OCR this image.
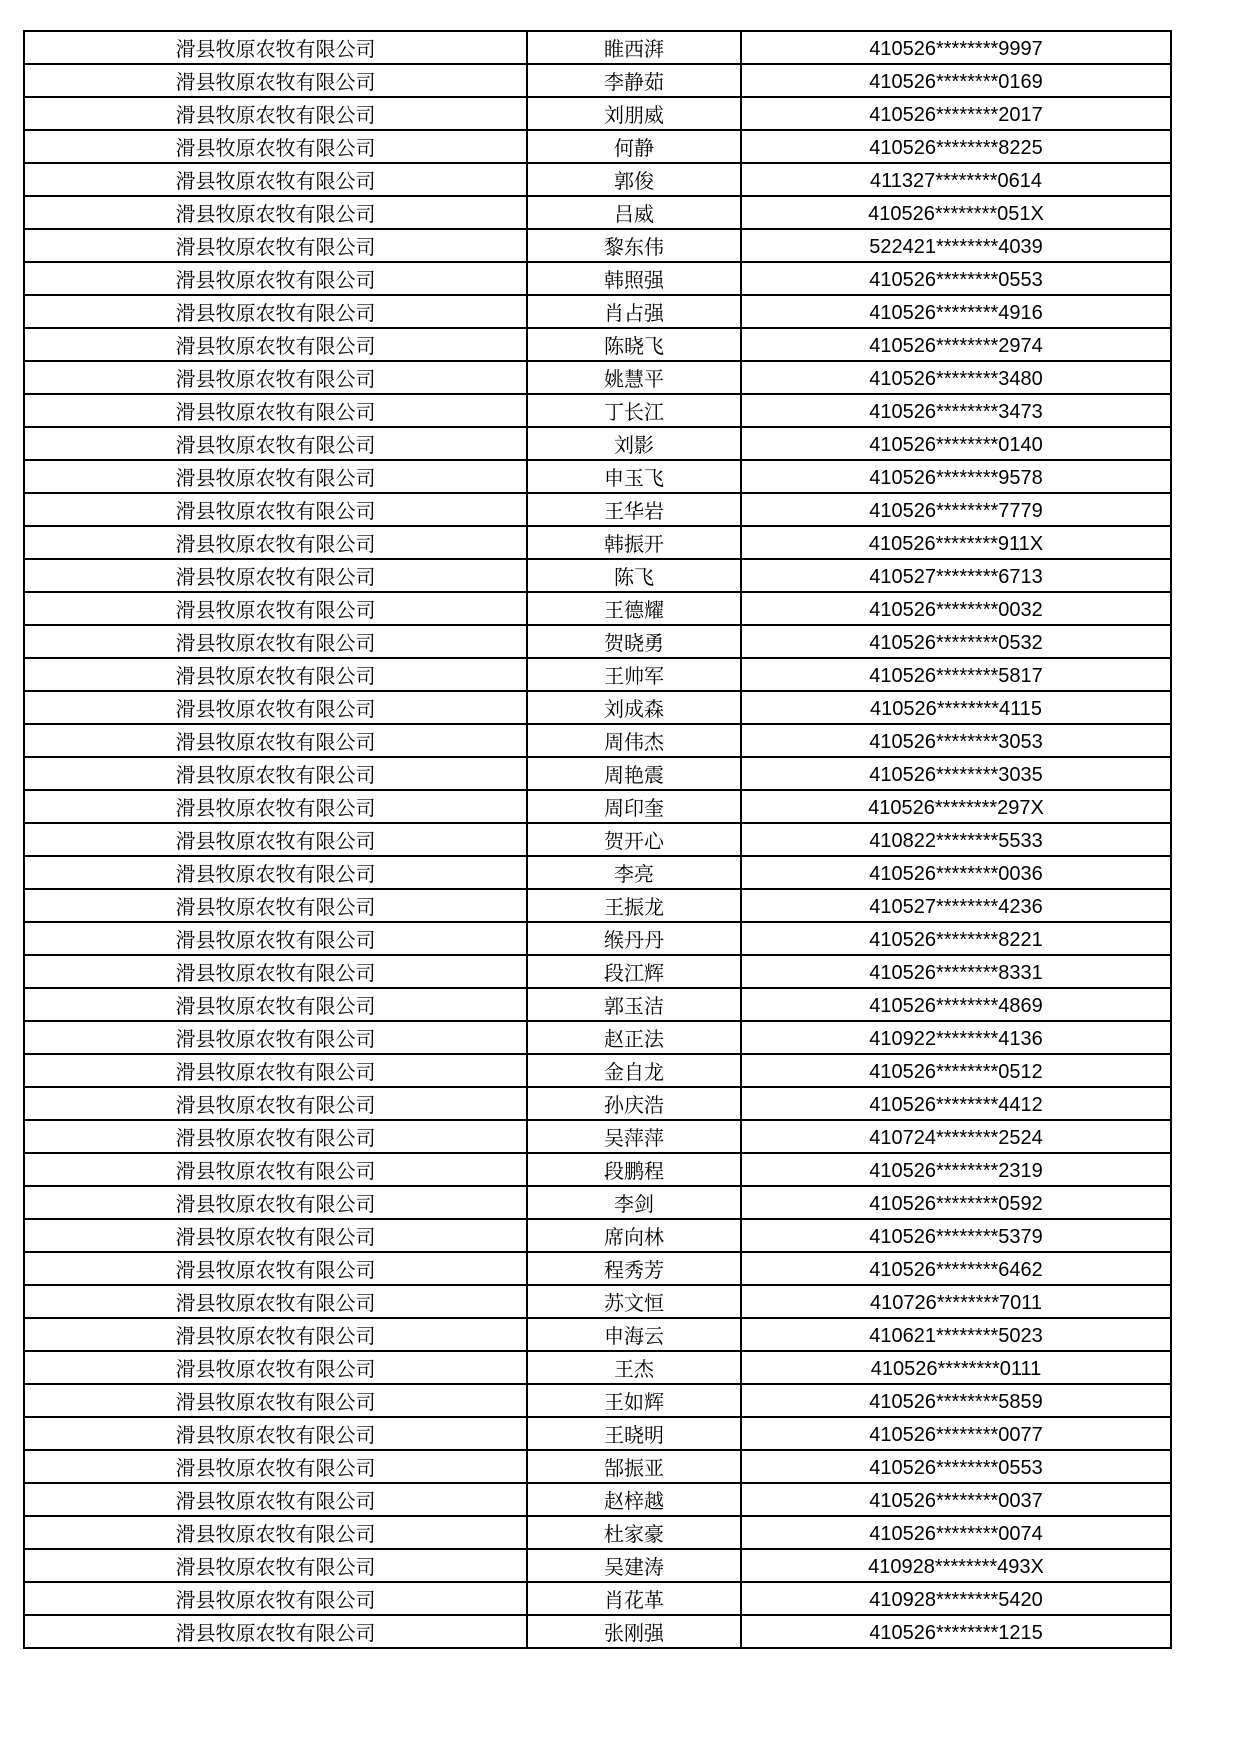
滑县牧原农牧有限公司	睢西湃	410526********9997
滑县牧原农牧有限公司	李静茹	410526********0169
滑县牧原农牧有限公司	刘朋威	410526********2017
滑县牧原农牧有限公司	何静	410526********8225
滑县牧原农牧有限公司	郭俊	411327********0614
滑县牧原农牧有限公司	吕威	410526********051X
滑县牧原农牧有限公司	黎东伟	522421********4039
滑县牧原农牧有限公司	韩照强	410526********0553
滑县牧原农牧有限公司	肖占强	410526********4916
滑县牧原农牧有限公司	陈晓飞	410526********2974
滑县牧原农牧有限公司	姚慧平	410526********3480
滑县牧原农牧有限公司	丁长江	410526********3473
滑县牧原农牧有限公司	刘影	410526********0140
滑县牧原农牧有限公司	申玉飞	410526********9578
滑县牧原农牧有限公司	王华岩	410526********7779
滑县牧原农牧有限公司	韩振开	410526********911X
滑县牧原农牧有限公司	陈飞	410527********6713
滑县牧原农牧有限公司	王德耀	410526********0032
滑县牧原农牧有限公司	贺晓勇	410526********0532
滑县牧原农牧有限公司	王帅军	410526********5817
滑县牧原农牧有限公司	刘成森	410526********4115
滑县牧原农牧有限公司	周伟杰	410526********3053
滑县牧原农牧有限公司	周艳震	410526********3035
滑县牧原农牧有限公司	周印奎	410526********297X
滑县牧原农牧有限公司	贺开心	410822********5533
滑县牧原农牧有限公司	李亮	410526********0036
滑县牧原农牧有限公司	王振龙	410527********4236
滑县牧原农牧有限公司	缑丹丹	410526********8221
滑县牧原农牧有限公司	段江辉	410526********8331
滑县牧原农牧有限公司	郭玉洁	410526********4869
滑县牧原农牧有限公司	赵正法	410922********4136
滑县牧原农牧有限公司	金自龙	410526********0512
滑县牧原农牧有限公司	孙庆浩	410526********4412
滑县牧原农牧有限公司	吴萍萍	410724********2524
滑县牧原农牧有限公司	段鹏程	410526********2319
滑县牧原农牧有限公司	李剑	410526********0592
滑县牧原农牧有限公司	席向林	410526********5379
滑县牧原农牧有限公司	程秀芳	410526********6462
滑县牧原农牧有限公司	苏文恒	410726********7011
滑县牧原农牧有限公司	申海云	410621********5023
滑县牧原农牧有限公司	王杰	410526********0111
滑县牧原农牧有限公司	王如辉	410526********5859
滑县牧原农牧有限公司	王晓明	410526********0077
滑县牧原农牧有限公司	郜振亚	410526********0553
滑县牧原农牧有限公司	赵梓越	410526********0037
滑县牧原农牧有限公司	杜家豪	410526********0074
滑县牧原农牧有限公司	吴建涛	410928********493X
滑县牧原农牧有限公司	肖花革	410928********5420
滑县牧原农牧有限公司	张刚强	410526********1215
